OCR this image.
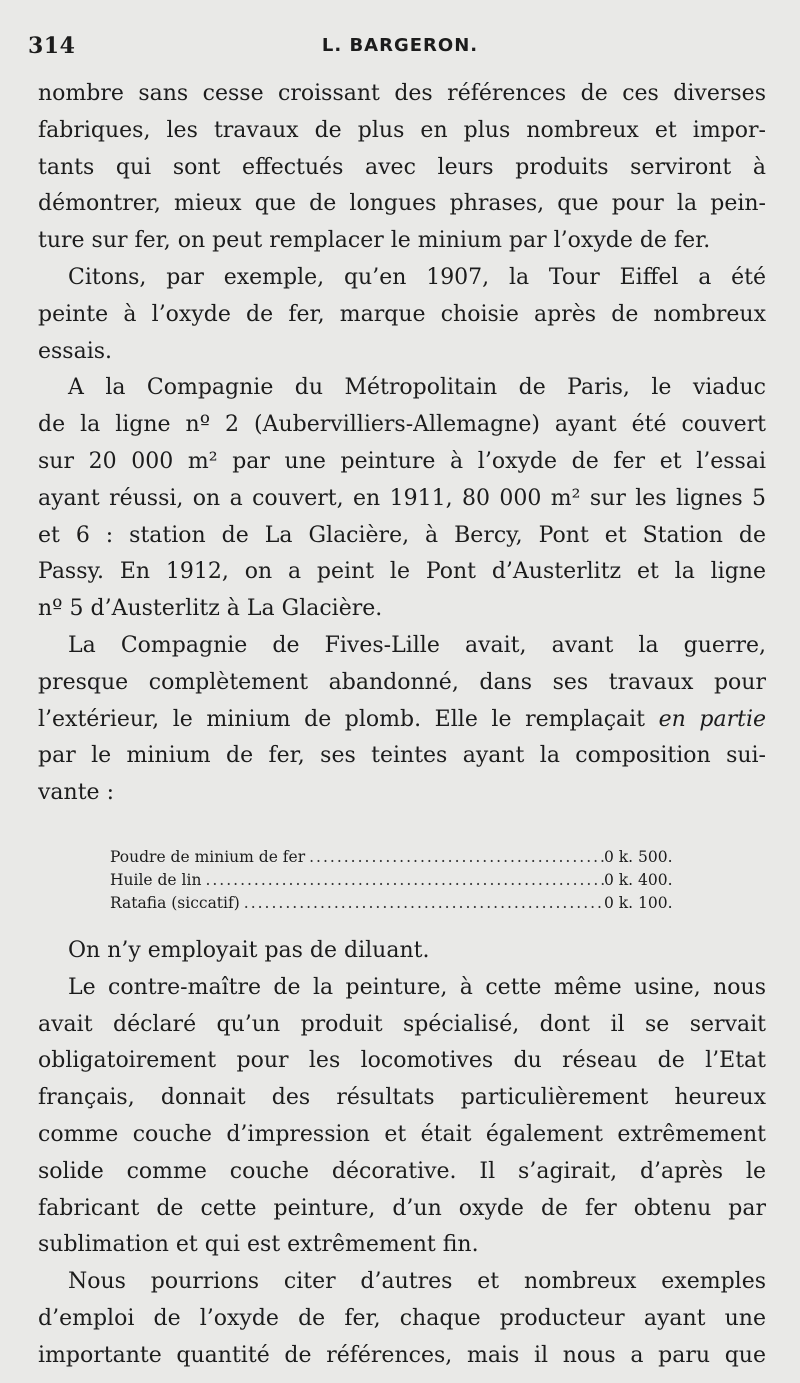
314	L. BARGERON.
nombre sans cesse croissant des références de ces diverses
fabriques, les travaux de plus en plus nombreux et impor-
tants qui sont effectués avec leurs produits serviront à
démontrer, mieux que de longues phrases, que pour la pein-
ture sur fer, on peut remplacer le minium par l’oxyde de fer.
Citons, par exemple, qu’en 1907, la Tour Eiffel a été
peinte à l’oxyde de fer, marque choisie après de nombreux
essais.
A la Compagnie du Métropolitain de Paris, le viaduc
de la ligne nº 2 (Aubervilliers-Allemagne) ayant été couvert
sur 20 000 m² par une peinture à l’oxyde de fer et l’essai
ayant réussi, on a couvert, en 1911, 80 000 m² sur les lignes 5
et 6 : station de La Glacière, à Bercy, Pont et Station de
Passy. En 1912, on a peint le Pont d’Austerlitz et la ligne
nº 5 d’Austerlitz à La Glacière.
La Compagnie de Fives-Lille avait, avant la guerre,
presque complètement abandonné, dans ses travaux pour
l’extérieur, le minium de plomb. Elle le remplaçait en partie
par le minium de fer, ses teintes ayant la composition sui-
vante :
Poudre de minium de fer .....	0 k. 500.
Huile de lin .....	0 k. 400.
Ratafia (siccatif) .....	0 k. 100.
On n’y employait pas de diluant.
Le contre-maître de la peinture, à cette même usine, nous
avait déclaré qu’un produit spécialisé, dont il se servait
obligatoirement pour les locomotives du réseau de l’Etat
français, donnait des résultats particulièrement heureux
comme couche d’impression et était également extrêmement
solide comme couche décorative. Il s’agirait, d’après le
fabricant de cette peinture, d’un oxyde de fer obtenu par
sublimation et qui est extrêmement fin.
Nous pourrions citer d’autres et nombreux exemples
d’emploi de l’oxyde de fer, chaque producteur ayant une
importante quantité de références, mais il nous a paru que
